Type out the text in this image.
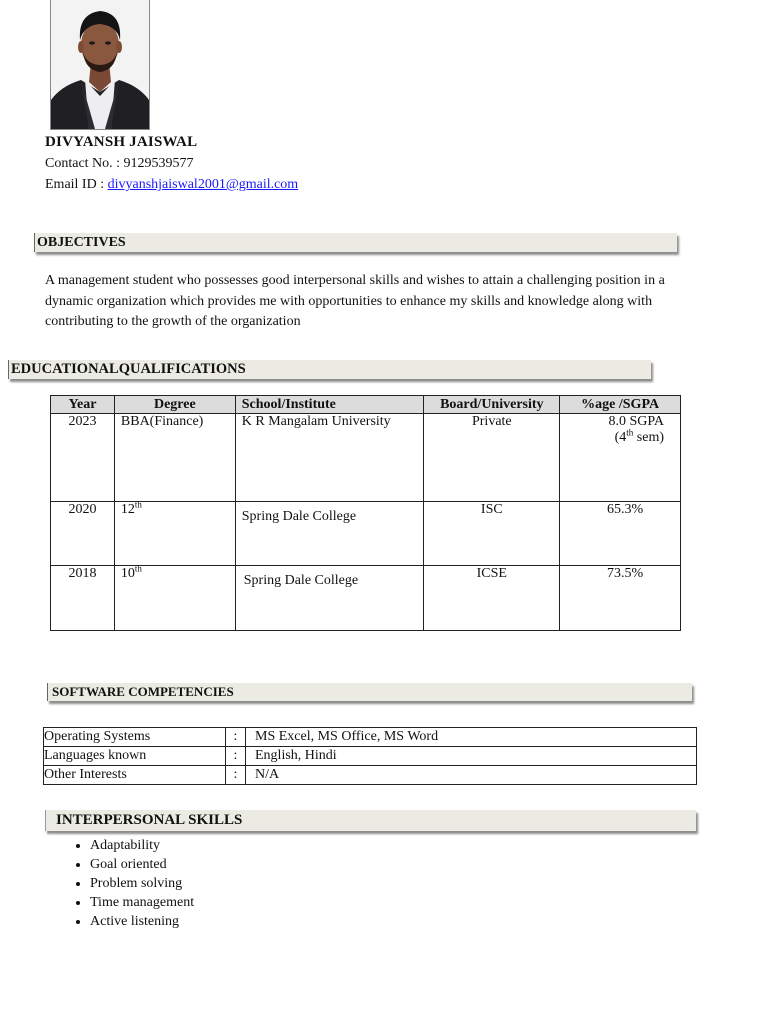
DIVYANSH JAISWAL
Contact No. : 9129539577
Email ID : divyanshjaiswal2001@gmail.com
OBJECTIVES
A management student who possesses good interpersonal skills and wishes to attain a challenging position in a dynamic organization which provides me with opportunities to enhance my skills and knowledge along with contributing to the growth of the organization
EDUCATIONALQUALIFICATIONS
Year	Degree	School/Institute	Board/University	%age /SGPA
2023	BBA(Finance)	K R Mangalam University	Private	8.0 SGPA
(4th sem)

2020	12th	Spring Dale College	ISC	65.3%
2018	10th	Spring Dale College	ICSE	73.5%
SOFTWARE COMPETENCIES
Operating Systems	:	MS Excel, MS Office, MS Word
Languages known	:	English, Hindi
Other Interests	:	N/A
INTERPERSONAL SKILLS
• Adaptability
• Goal oriented
• Problem solving
• Time management
• Active listening
